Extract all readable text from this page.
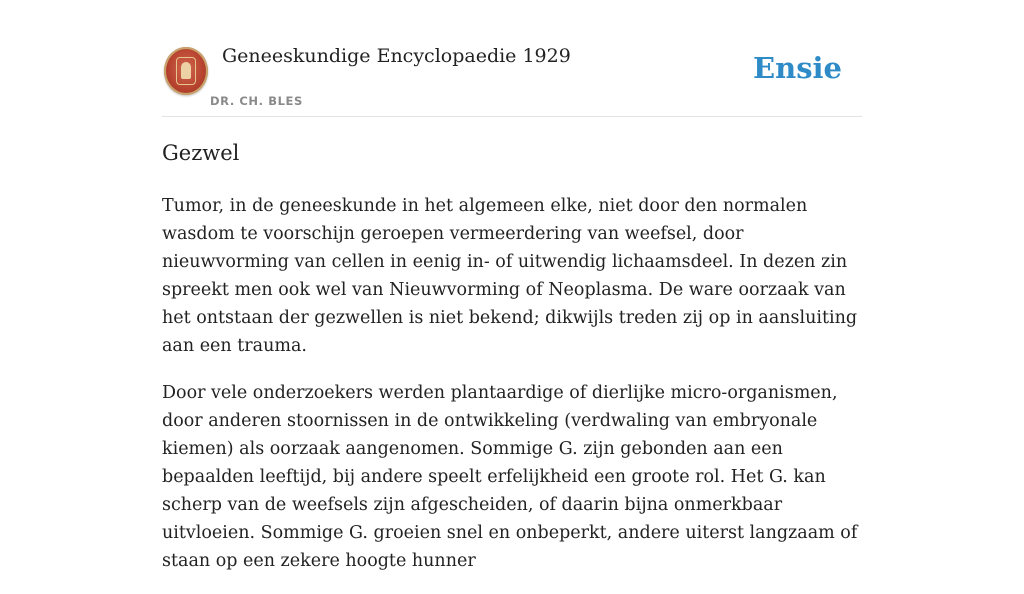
Geneeskundige Encyclopaedie 1929
DR. CH. BLES
Ensie
Gezwel

Tumor, in de geneeskunde in het algemeen elke, niet door den normalen wasdom te voorschijn geroepen vermeerdering van weefsel, door nieuwvorming van cellen in eenig in- of uitwendig lichaamsdeel. In dezen zin spreekt men ook wel van Nieuwvorming of Neoplasma. De ware oorzaak van het ontstaan der gezwellen is niet bekend; dikwijls treden zij op in aansluiting aan een trauma.

Door vele onderzoekers werden plantaardige of dierlijke micro-organismen, door anderen stoornissen in de ontwikkeling (verdwaling van embryonale kiemen) als oorzaak aangenomen. Sommige G. zijn gebonden aan een bepaalden leeftijd, bij andere speelt erfelijkheid een groote rol. Het G. kan scherp van de weefsels zijn afgescheiden, of daarin bijna onmerkbaar uitvloeien. Sommige G. groeien snel en onbeperkt, andere uiterst langzaam of staan op een zekere hoogte hunner
